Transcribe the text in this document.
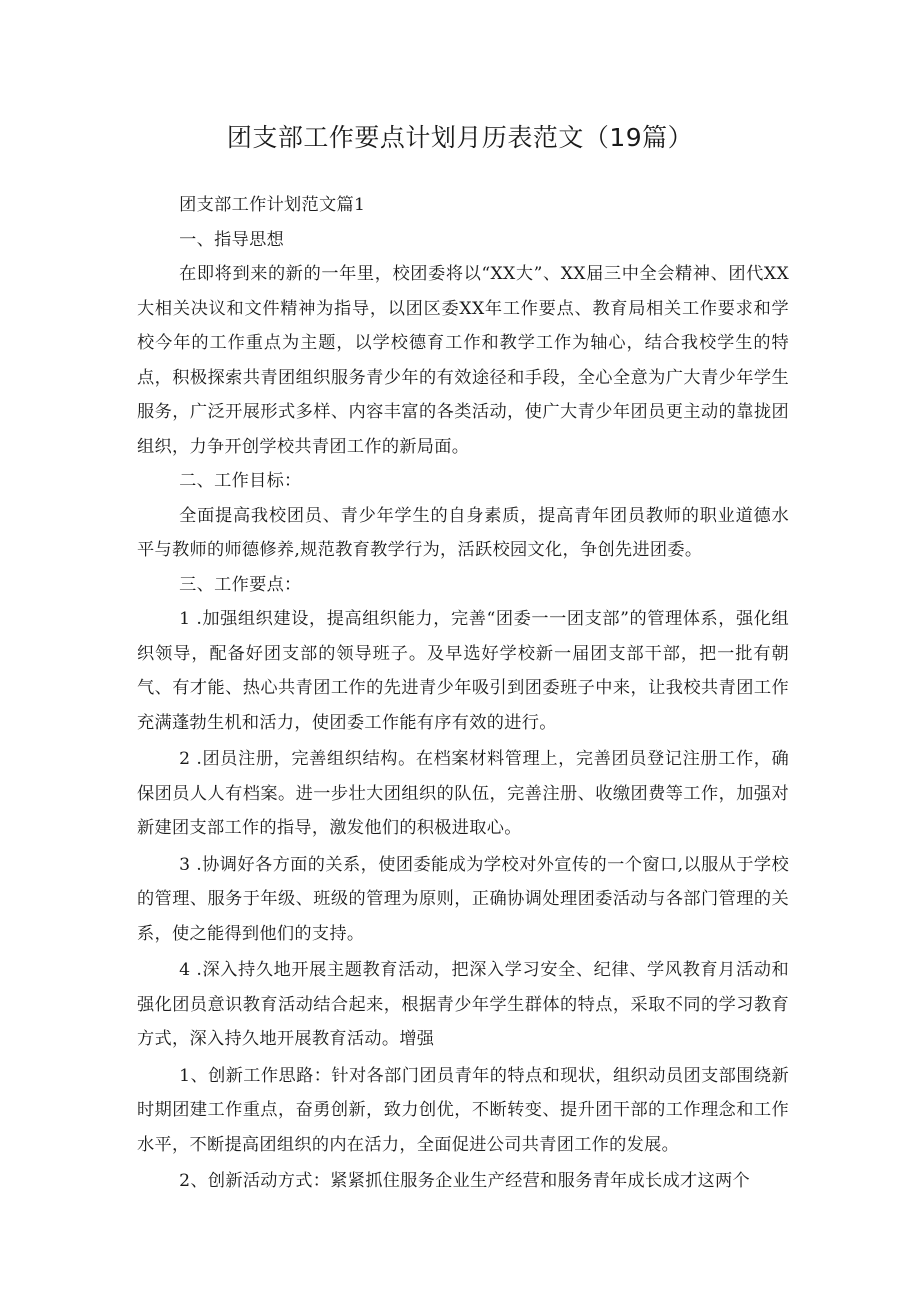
团支部工作要点计划月历表范文（19篇）

团支部工作计划范文篇1

一、指导思想

在即将到来的新的一年里，校团委将以“XX大”、XX届三中全会精神、团代XX大相关决议和文件精神为指导，以团区委XX年工作要点、教育局相关工作要求和学校今年的工作重点为主题，以学校德育工作和教学工作为轴心，结合我校学生的特点，积极探索共青团组织服务青少年的有效途径和手段，全心全意为广大青少年学生服务，广泛开展形式多样、内容丰富的各类活动，使广大青少年团员更主动的靠拢团组织，力争开创学校共青团工作的新局面。

二、工作目标：

全面提高我校团员、青少年学生的自身素质，提高青年团员教师的职业道德水平与教师的师德修养,规范教育教学行为，活跃校园文化，争创先进团委。

三、工作要点：

1 .加强组织建设，提高组织能力，完善“团委一一团支部”的管理体系，强化组织领导，配备好团支部的领导班子。及早选好学校新一届团支部干部，把一批有朝气、有才能、热心共青团工作的先进青少年吸引到团委班子中来，让我校共青团工作充满蓬勃生机和活力，使团委工作能有序有效的进行。

2 .团员注册，完善组织结构。在档案材料管理上，完善团员登记注册工作，确保团员人人有档案。进一步壮大团组织的队伍，完善注册、收缴团费等工作，加强对新建团支部工作的指导，激发他们的积极进取心。

3 .协调好各方面的关系，使团委能成为学校对外宣传的一个窗口,以服从于学校的管理、服务于年级、班级的管理为原则，正确协调处理团委活动与各部门管理的关系，使之能得到他们的支持。

4 .深入持久地开展主题教育活动，把深入学习安全、纪律、学风教育月活动和强化团员意识教育活动结合起来，根据青少年学生群体的特点，采取不同的学习教育方式，深入持久地开展教育活动。增强

1、创新工作思路：针对各部门团员青年的特点和现状，组织动员团支部围绕新时期团建工作重点，奋勇创新，致力创优，不断转变、提升团干部的工作理念和工作水平，不断提高团组织的内在活力，全面促进公司共青团工作的发展。

2、创新活动方式：紧紧抓住服务企业生产经营和服务青年成长成才这两个
